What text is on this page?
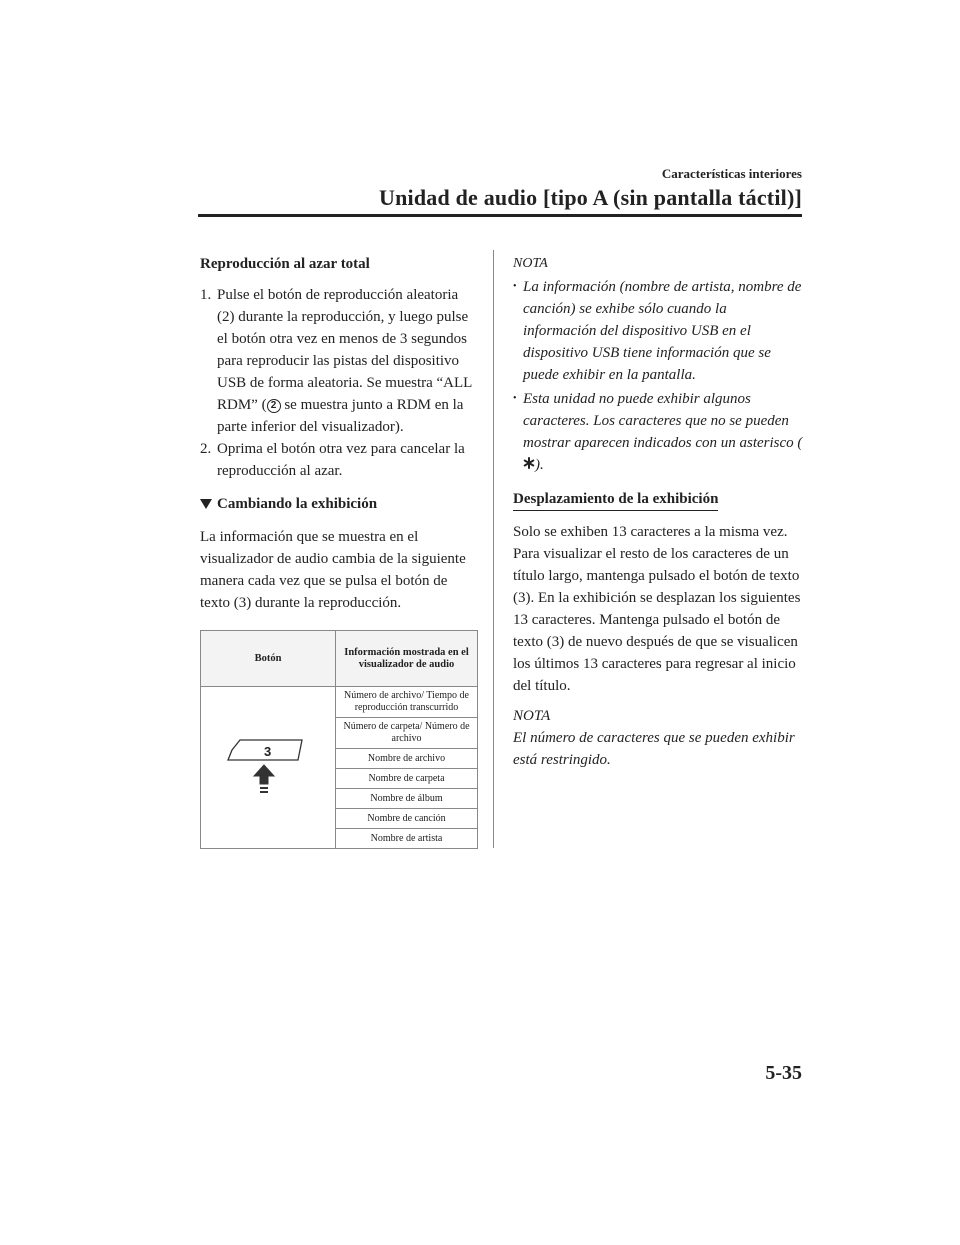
Características interiores
Unidad de audio [tipo A (sin pantalla táctil)]
Reproducción al azar total
1. Pulse el botón de reproducción aleatoria (2) durante la reproducción, y luego pulse el botón otra vez en menos de 3 segundos para reproducir las pistas del dispositivo USB de forma aleatoria. Se muestra “ALL RDM” ( 2 se muestra junto a RDM en la parte inferior del visualizador).
2. Oprima el botón otra vez para cancelar la reproducción al azar.
Cambiando la exhibición
La información que se muestra en el visualizador de audio cambia de la siguiente manera cada vez que se pulsa el botón de texto (3) durante la reproducción.
Botón	Información mostrada en el visualizador de audio

3	Número de archivo/ Tiempo de reproducción transcurrido
	Número de carpeta/ Número de archivo
	Nombre de archivo
	Nombre de carpeta
	Nombre de álbum
	Nombre de canción
	Nombre de artista
NOTA
• La información (nombre de artista, nombre de canción) se exhibe sólo cuando la información del dispositivo USB en el dispositivo USB tiene información que se puede exhibir en la pantalla.
• Esta unidad no puede exhibir algunos caracteres. Los caracteres que no se pueden mostrar aparecen indicados con un asterisco ().
Desplazamiento de la exhibición
Solo se exhiben 13 caracteres a la misma vez. Para visualizar el resto de los caracteres de un título largo, mantenga pulsado el botón de texto (3). En la exhibición se desplazan los siguientes 13 caracteres. Mantenga pulsado el botón de texto (3) de nuevo después de que se visualicen los últimos 13 caracteres para regresar al inicio del título.
NOTA
El número de caracteres que se pueden exhibir está restringido.
5-35
